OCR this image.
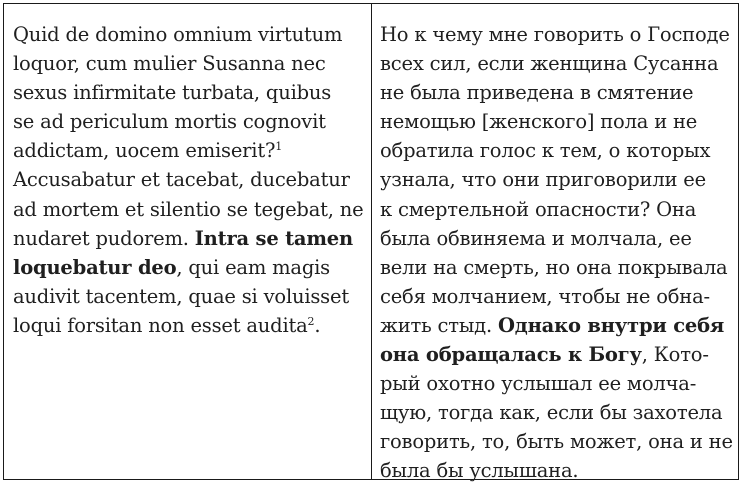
Quid de domino omnium virtutum
loquor, cum mulier Susanna nec
sexus infirmitate turbata, quibus
se ad periculum mortis cognovit
addictam, uocem emiserit?$^1$
Accusabatur et tacebat, ducebatur
ad mortem et silentio se tegebat, ne
nudaret pudorem. Intra se tamen
loquebatur deo, qui eam magis
audivit tacentem, quae si voluisset
loqui forsitan non esset audita$^2$.
Но к чему мне говорить о Господе
всех сил, если женщина Сусанна
не была приведена в смятение
немощью [женского] пола и не
обратила голос к тем, о которых
узнала, что они приговорили ее
к смертельной опасности? Она
была обвиняема и молчала, ее
вели на смерть, но она покрывала
себя молчанием, чтобы не обна-
жить стыд. Однако внутри себя
она обращалась к Богу, Кото-
рый охотно услышал ее молча-
щую, тогда как, если бы захотела
говорить, то, быть может, она и не
была бы услышана.
